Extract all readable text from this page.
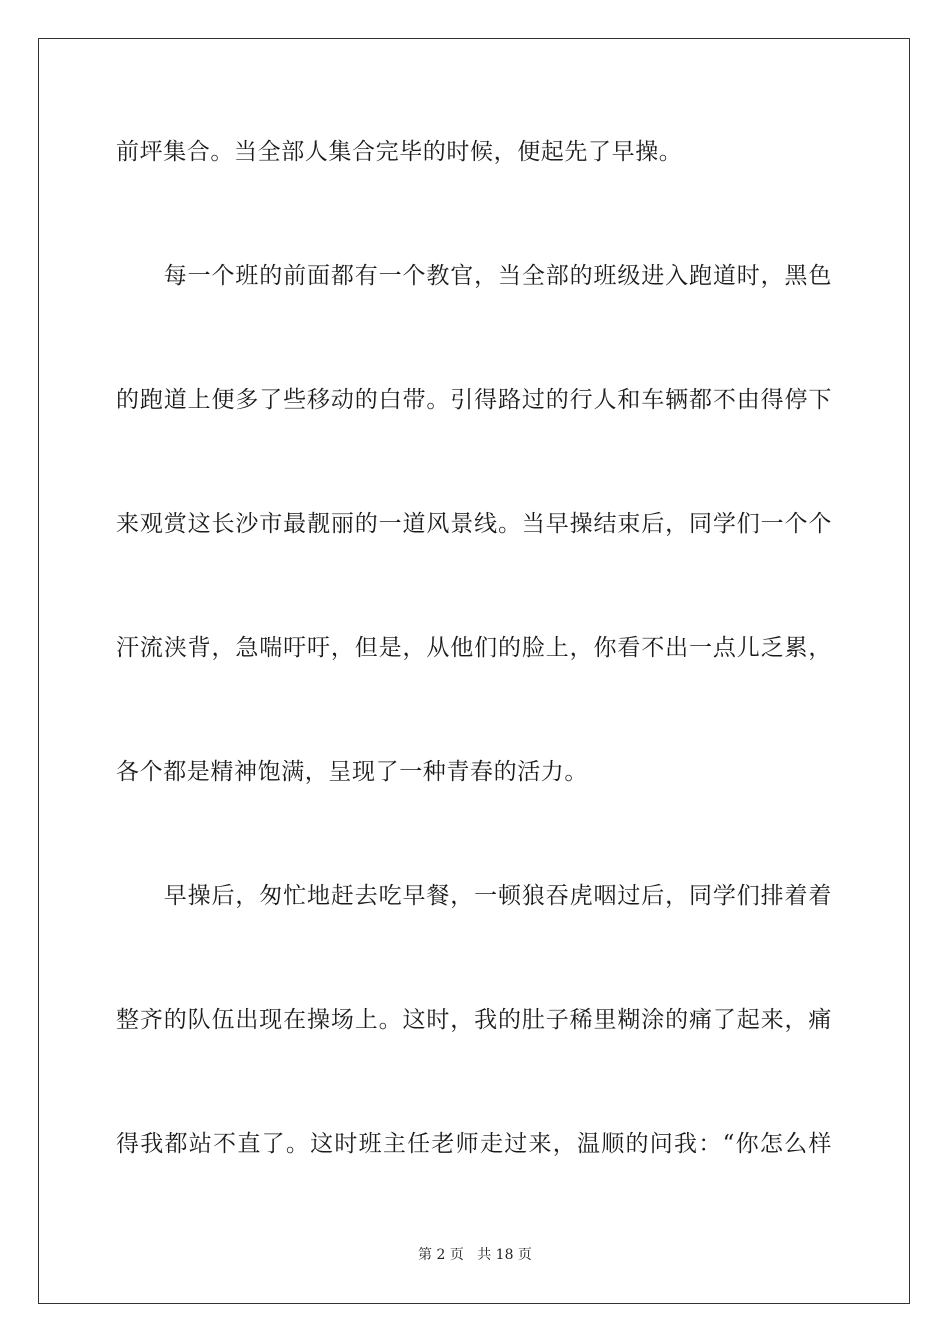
前坪集合。当全部人集合完毕的时候，便起先了早操。
　　每一个班的前面都有一个教官，当全部的班级进入跑道时，黑色
的跑道上便多了些移动的白带。引得路过的行人和车辆都不由得停下
来观赏这长沙市最靓丽的一道风景线。当早操结束后，同学们一个个
汗流浃背，急喘吁吁，但是，从他们的脸上，你看不出一点儿乏累，
各个都是精神饱满，呈现了一种青春的活力。
　　早操后，匆忙地赶去吃早餐，一顿狼吞虎咽过后，同学们排着着
整齐的队伍出现在操场上。这时，我的肚子稀里糊涂的痛了起来，痛
得我都站不直了。这时班主任老师走过来，温顺的问我：“你怎么样
第 2 页 共 18 页
